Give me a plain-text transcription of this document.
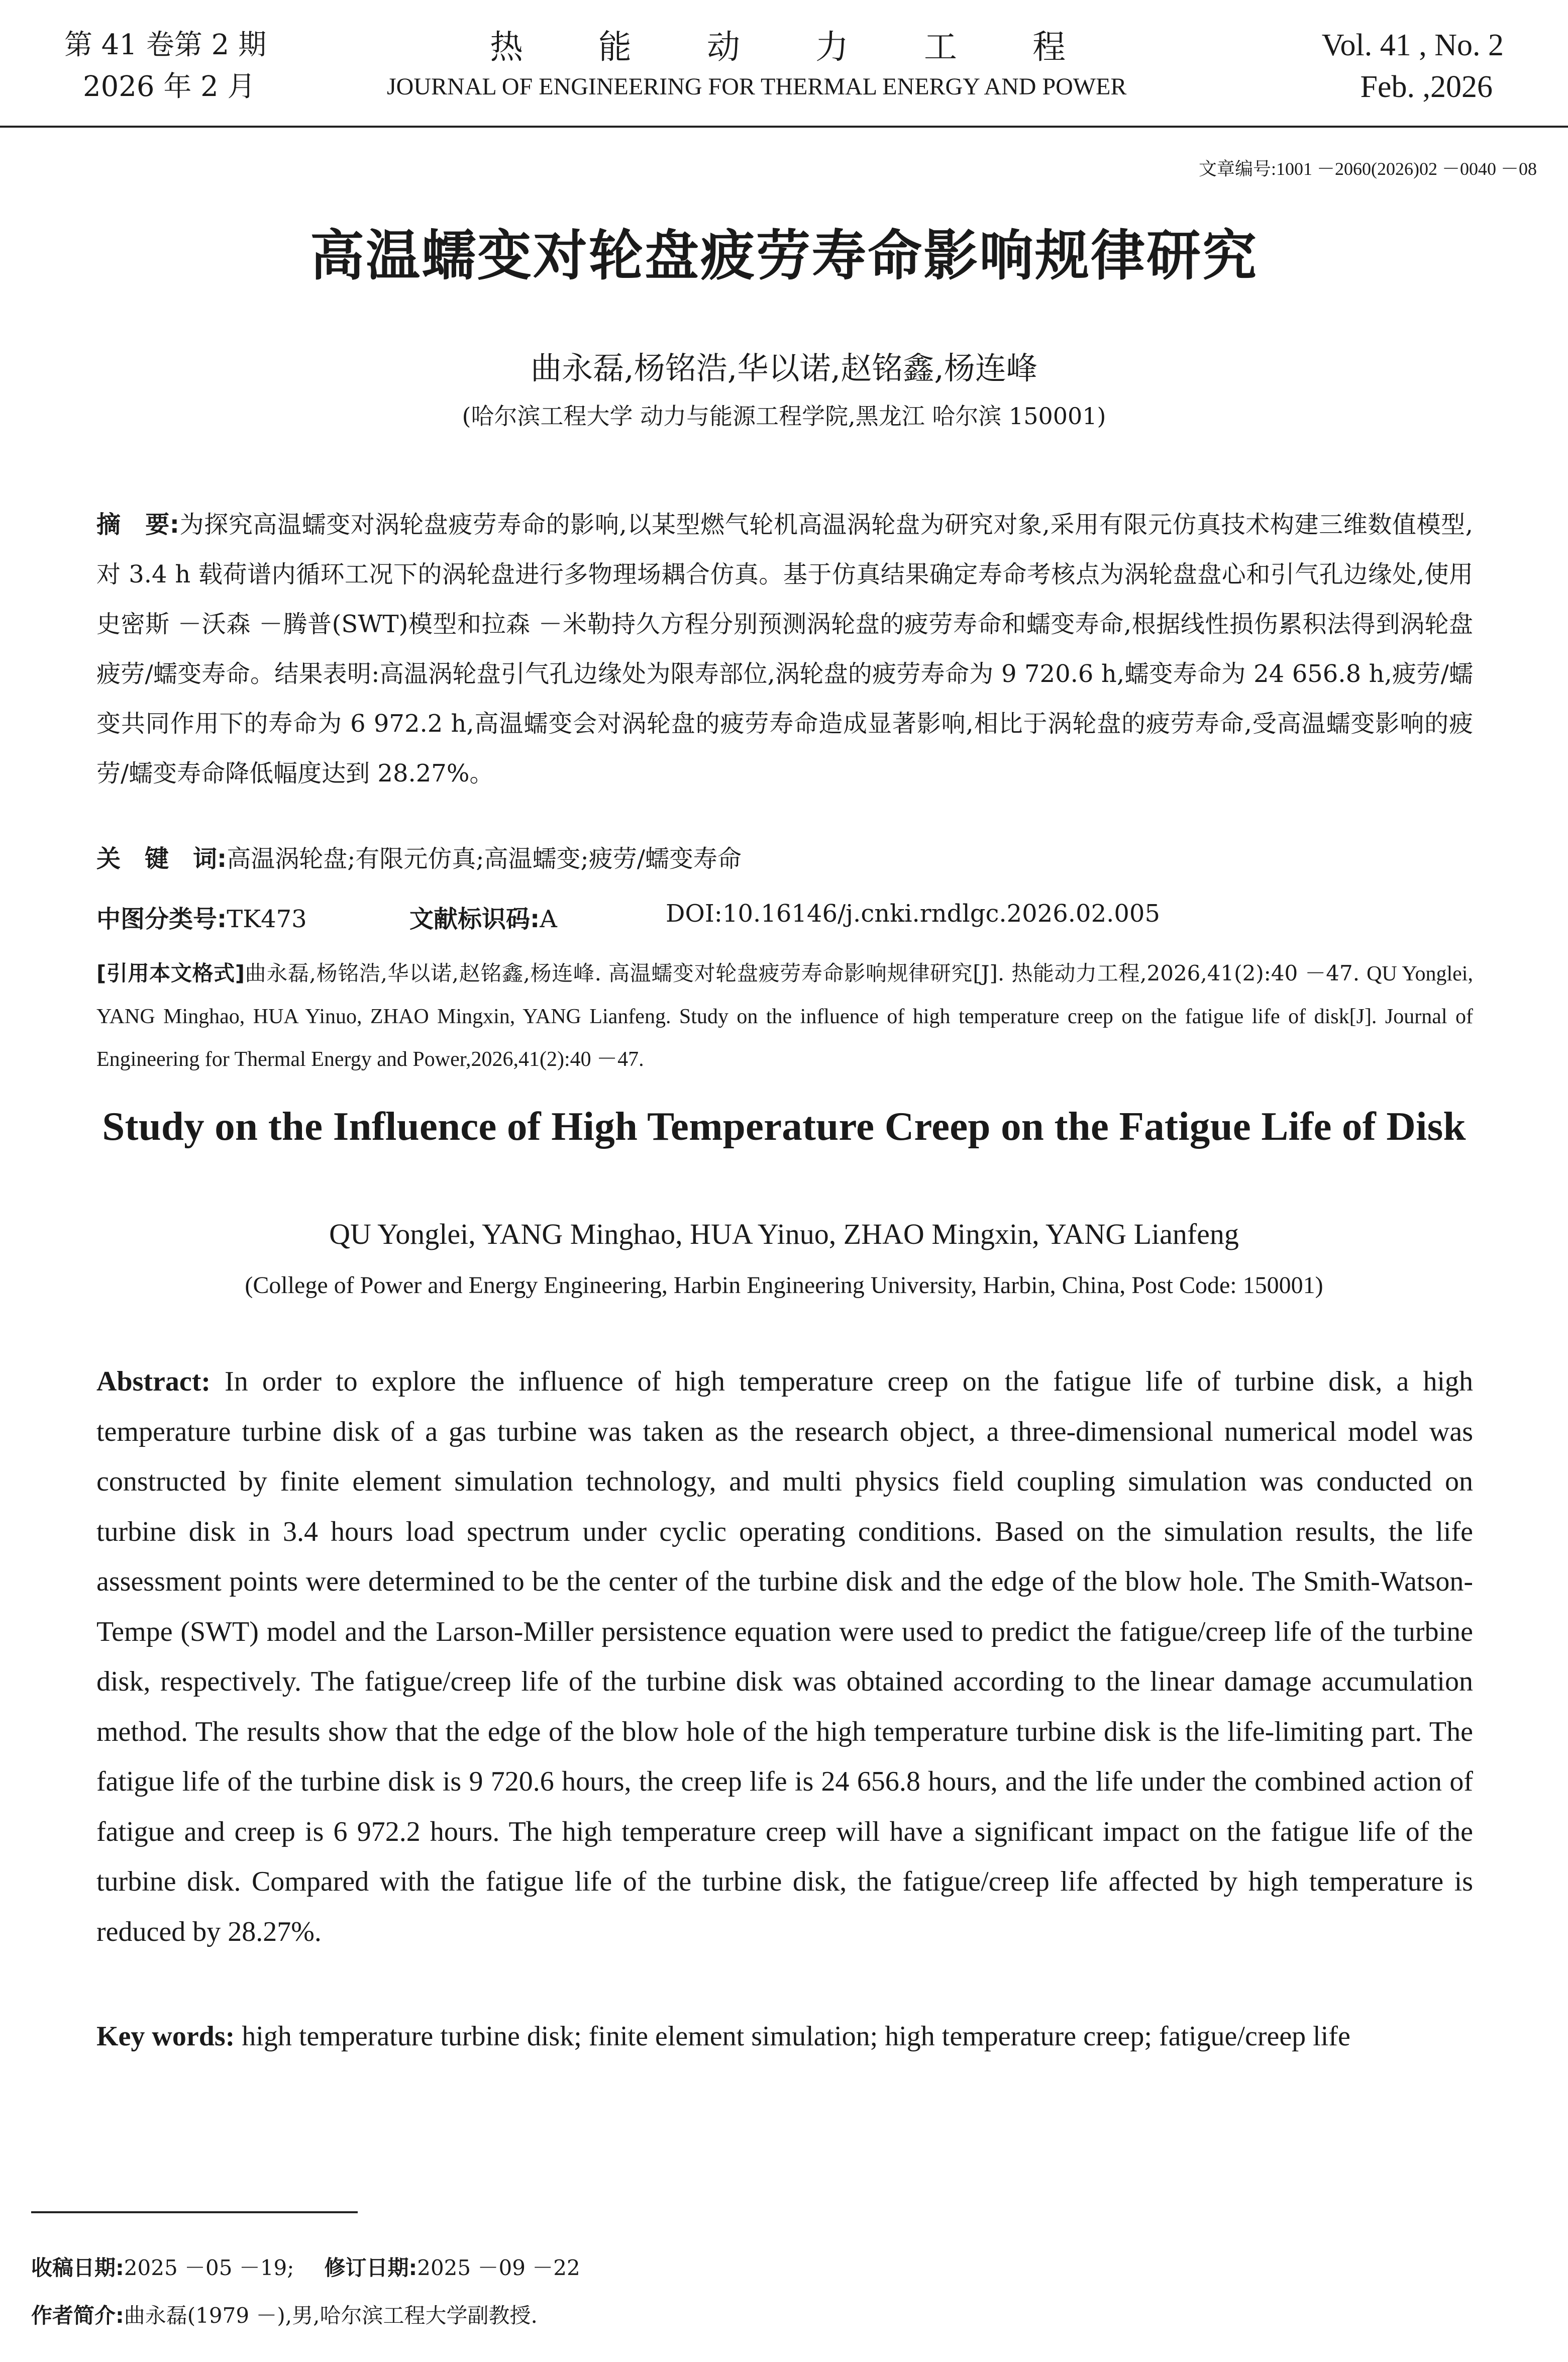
第 41 卷第 2 期
2026 年 2 月
热能动力工程
JOURNAL OF ENGINEERING FOR THERMAL ENERGY AND POWER
Vol. 41 , No. 2
Feb. ,2026
文章编号:1001 －2060(2026)02 －0040 －08
高温蠕变对轮盘疲劳寿命影响规律研究
曲永磊,杨铭浩,华以诺,赵铭鑫,杨连峰
(哈尔滨工程大学 动力与能源工程学院,黑龙江 哈尔滨 150001)
摘　要:为探究高温蠕变对涡轮盘疲劳寿命的影响,以某型燃气轮机高温涡轮盘为研究对象,采用有限元仿真技术构建三维数值模型,对 3.4 h 载荷谱内循环工况下的涡轮盘进行多物理场耦合仿真。基于仿真结果确定寿命考核点为涡轮盘盘心和引气孔边缘处,使用史密斯 －沃森 －腾普(SWT)模型和拉森 －米勒持久方程分别预测涡轮盘的疲劳寿命和蠕变寿命,根据线性损伤累积法得到涡轮盘疲劳/蠕变寿命。结果表明:高温涡轮盘引气孔边缘处为限寿部位,涡轮盘的疲劳寿命为 9 720.6 h,蠕变寿命为 24 656.8 h,疲劳/蠕变共同作用下的寿命为 6 972.2 h,高温蠕变会对涡轮盘的疲劳寿命造成显著影响,相比于涡轮盘的疲劳寿命,受高温蠕变影响的疲劳/蠕变寿命降低幅度达到 28.27%。
关　键　词:高温涡轮盘;有限元仿真;高温蠕变;疲劳/蠕变寿命
中图分类号:TK473	文献标识码:A	DOI:10.16146/j.cnki.rndlgc.2026.02.005
[引用本文格式]曲永磊,杨铭浩,华以诺,赵铭鑫,杨连峰. 高温蠕变对轮盘疲劳寿命影响规律研究[J]. 热能动力工程,2026,41(2):40 －47. QU Yonglei, YANG Minghao, HUA Yinuo, ZHAO Mingxin, YANG Lianfeng. Study on the influence of high temperature creep on the fatigue life of disk[J]. Journal of Engineering for Thermal Energy and Power,2026,41(2):40 －47.
Study on the Influence of High Temperature Creep on the Fatigue Life of Disk
QU Yonglei, YANG Minghao, HUA Yinuo, ZHAO Mingxin, YANG Lianfeng
(College of Power and Energy Engineering, Harbin Engineering University, Harbin, China, Post Code: 150001)
Abstract: In order to explore the influence of high temperature creep on the fatigue life of turbine disk, a high temperature turbine disk of a gas turbine was taken as the research object, a three-dimensional numerical model was constructed by finite element simulation technology, and multi physics field coupling simulation was conducted on turbine disk in 3.4 hours load spectrum under cyclic operating conditions. Based on the simulation results, the life assessment points were determined to be the center of the turbine disk and the edge of the blow hole. The Smith-Watson-Tempe (SWT) model and the Larson-Miller persistence equation were used to predict the fatigue/creep life of the turbine disk, respectively. The fatigue/creep life of the turbine disk was obtained according to the linear damage accumulation method. The results show that the edge of the blow hole of the high temperature turbine disk is the life-limiting part. The fatigue life of the turbine disk is 9 720.6 hours, the creep life is 24 656.8 hours, and the life under the combined action of fatigue and creep is 6 972.2 hours. The high temperature creep will have a significant impact on the fatigue life of the turbine disk. Compared with the fatigue life of the turbine disk, the fatigue/creep life affected by high temperature is reduced by 28.27%.
Key words: high temperature turbine disk; finite element simulation; high temperature creep; fatigue/creep life
收稿日期:2025 －05 －19; 修订日期:2025 －09 －22
作者简介:曲永磊(1979 －),男,哈尔滨工程大学副教授.
